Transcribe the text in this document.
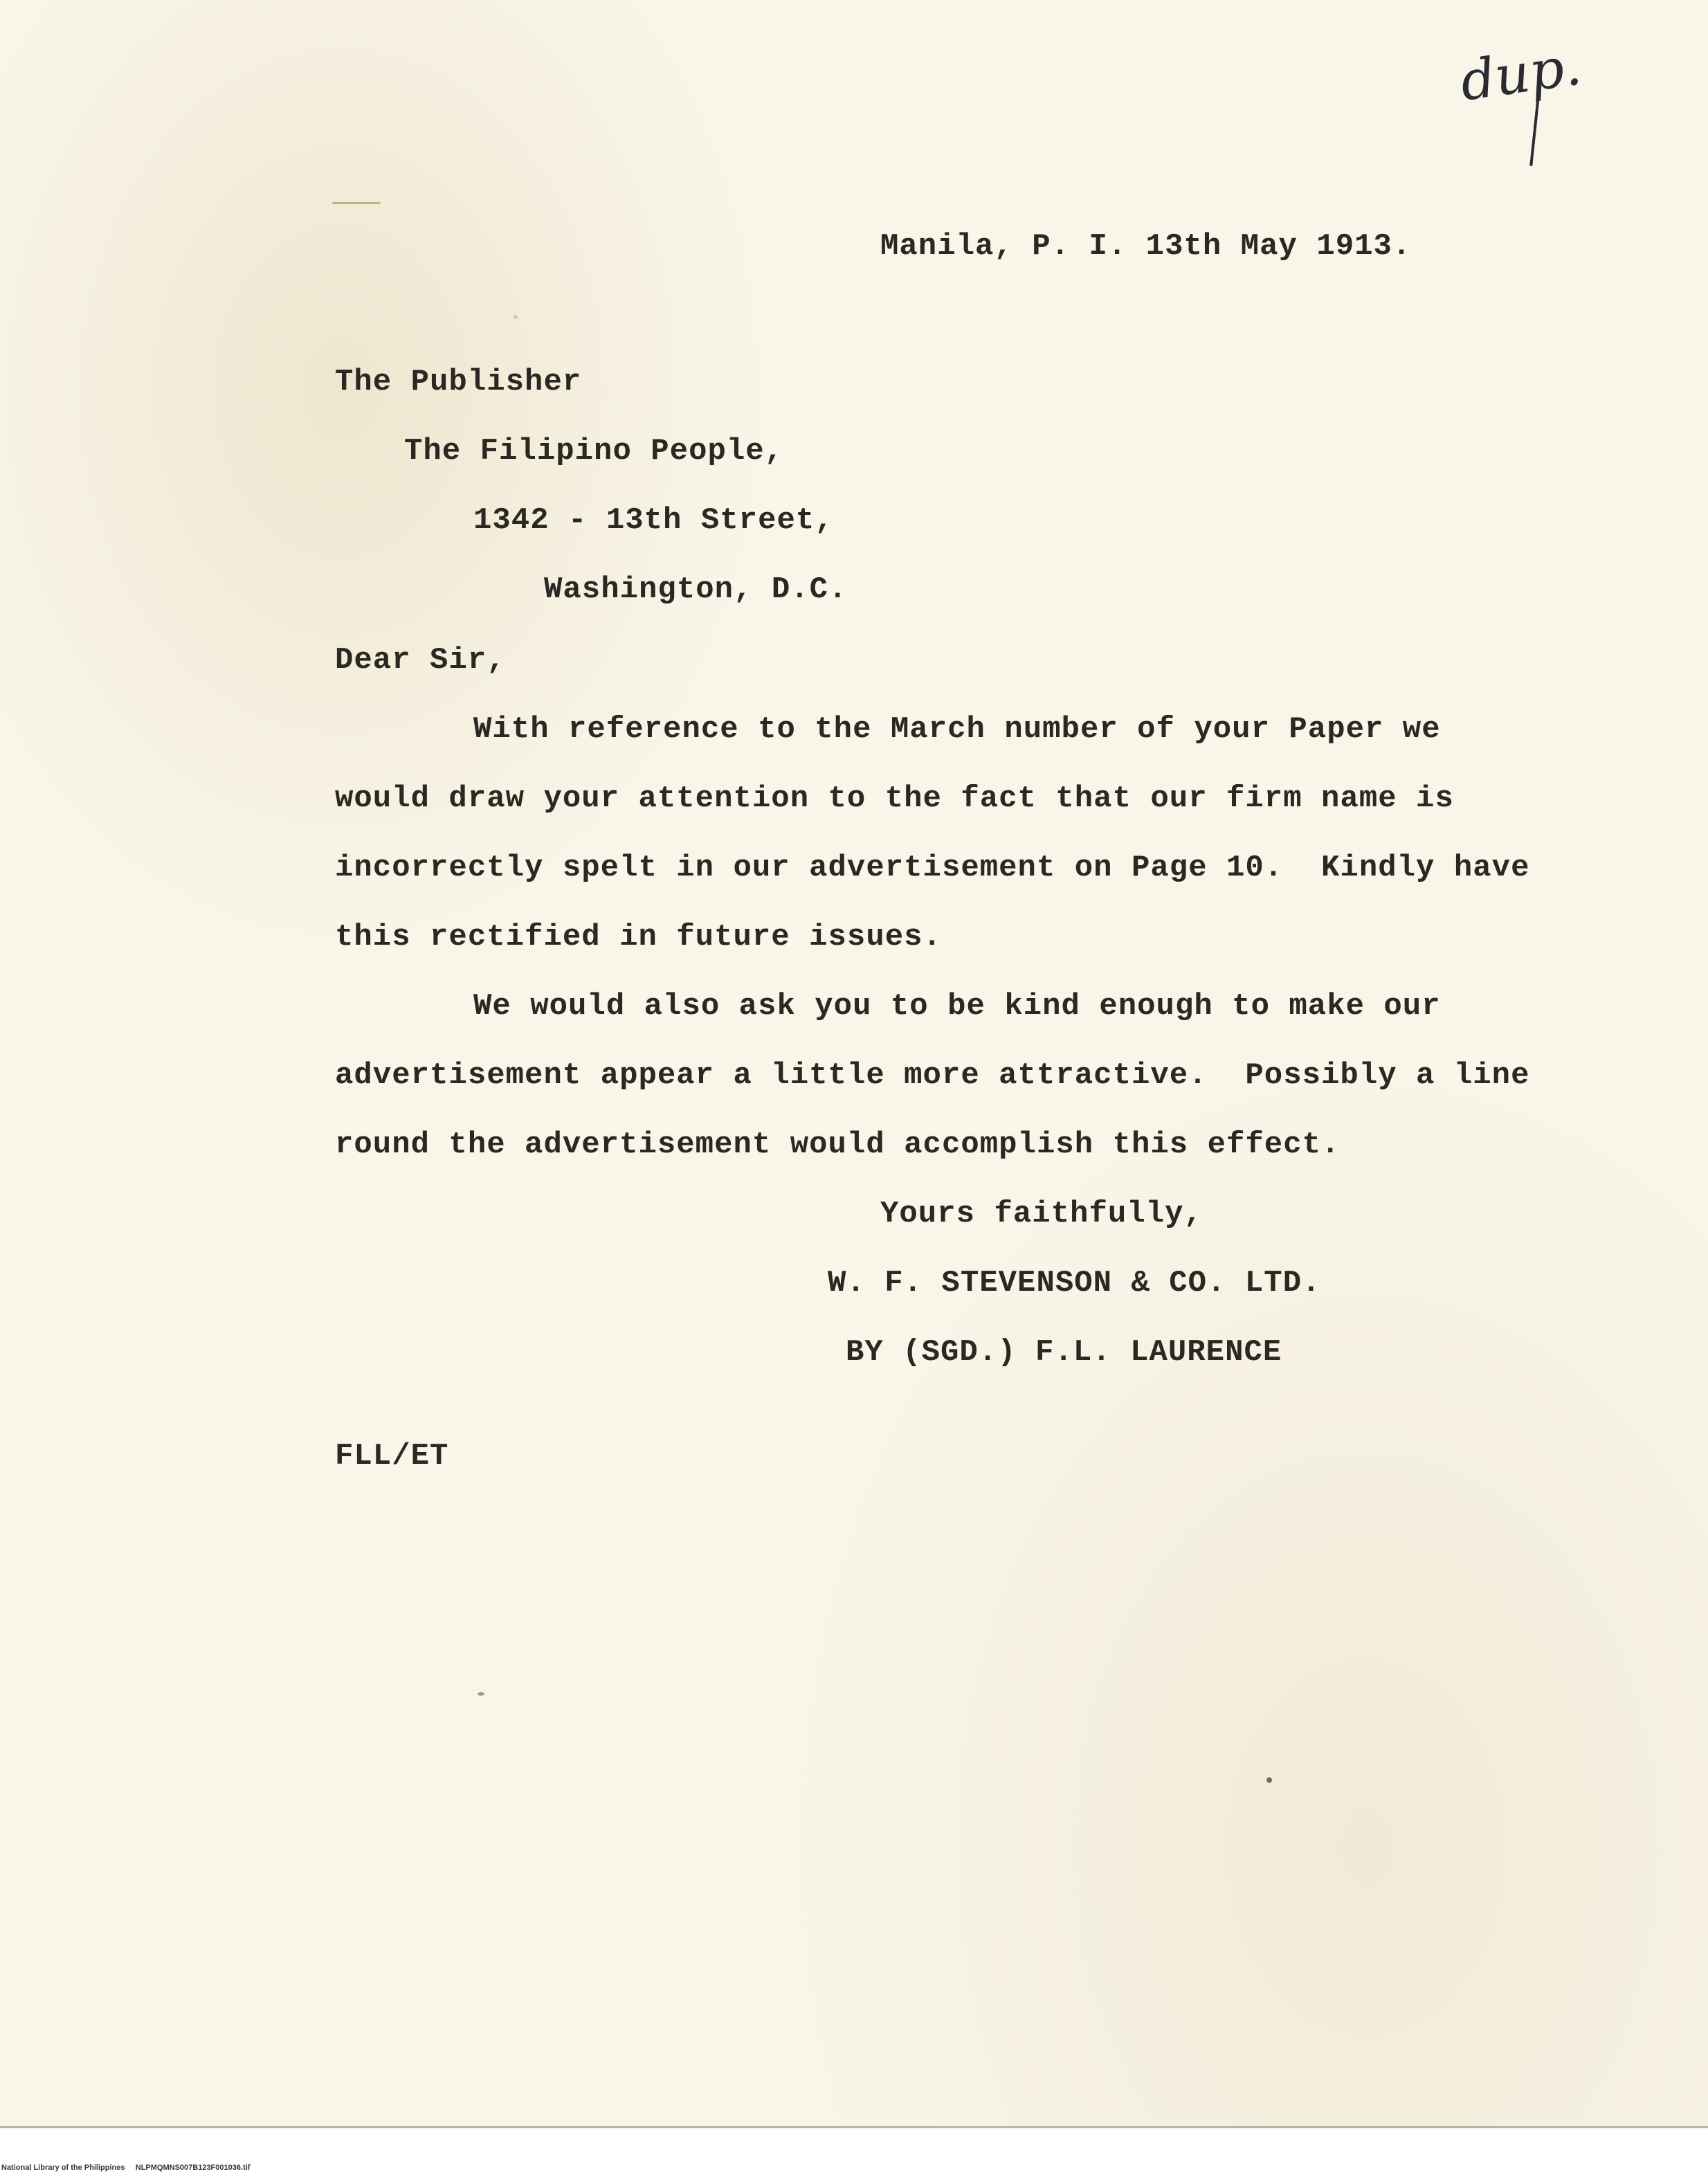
dup.
Manila, P. I. 13th May 1913.
The Publisher
The Filipino People,
1342 - 13th Street,
Washington, D.C.
Dear Sir,
With reference to the March number of your Paper we
would draw your attention to the fact that our firm name is
incorrectly spelt in our advertisement on Page 10.  Kindly have
this rectified in future issues.
We would also ask you to be kind enough to make our
advertisement appear a little more attractive.  Possibly a line
round the advertisement would accomplish this effect.
Yours faithfully,
W. F. STEVENSON & CO. LTD.
BY (SGD.) F.L. LAURENCE
FLL/ET
National Library of the Philippines     NLPMQMNS007B123F001036.tif
